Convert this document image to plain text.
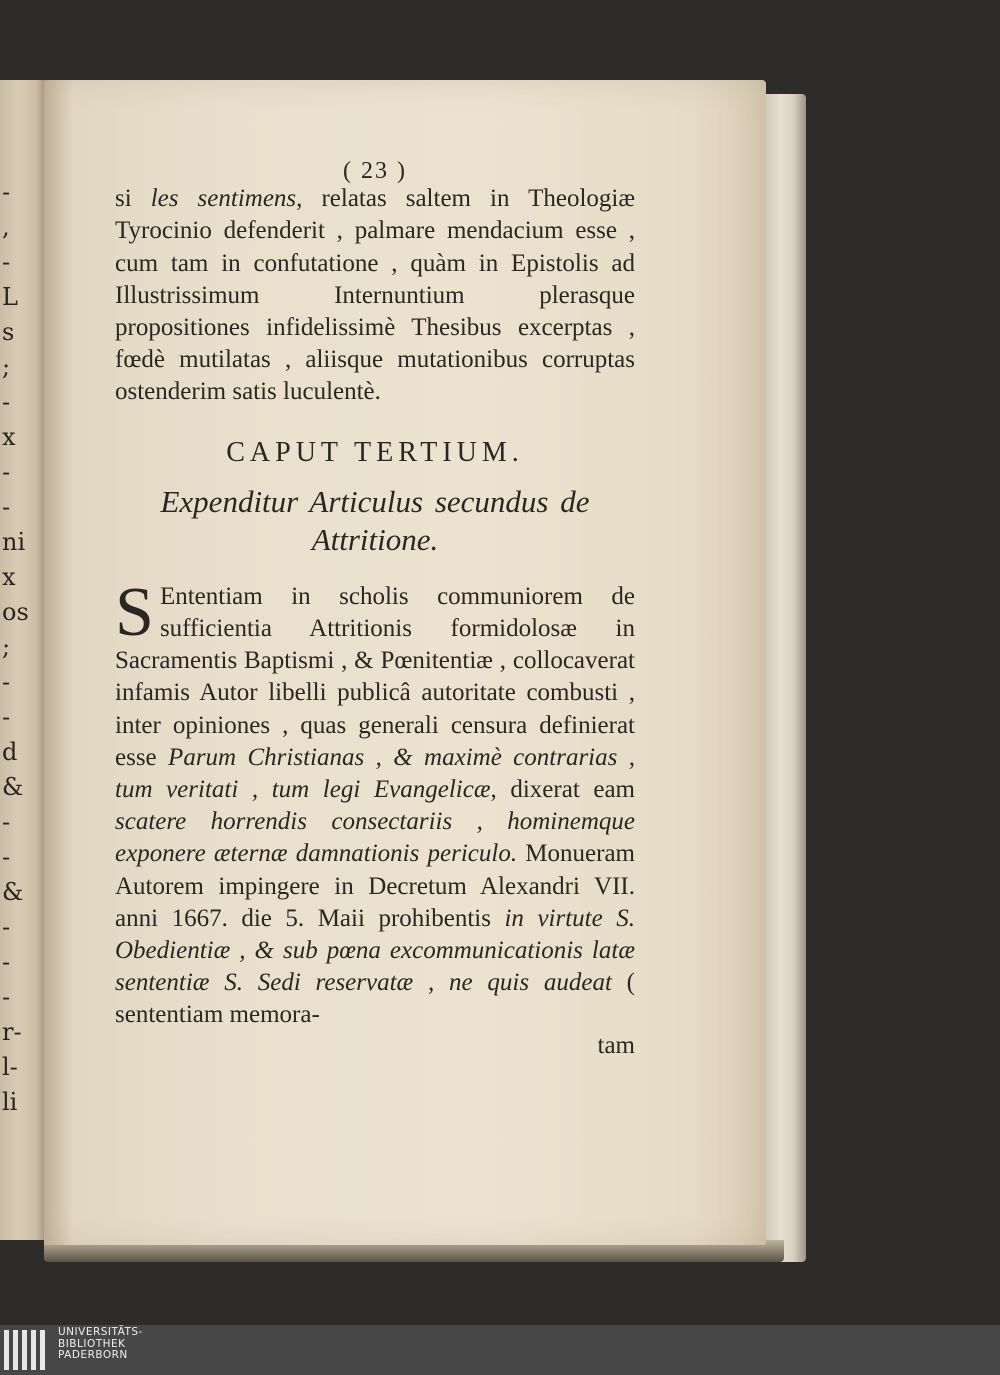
-
,
-
L
s
;
-
x
-
-
ni
x
os
;
-
-
d
&
-
-
&
-
-
-
r-
l-
li
( 23 )

si les sentimens, relatas saltem in Theologiæ Tyrocinio defenderit , palmare mendacium esse , cum tam in confutatione , quàm in Epistolis ad Illustrissimum Internuntium plerasque propositiones infidelissimè Thesibus excerptas , fœdè mutilatas , aliisque mutationibus corruptas ostenderim satis luculentè.

CAPUT TERTIUM.
Expenditur Articulus secundus de
Attritione.

S Ententiam in scholis communiorem de sufficientia Attritionis formidolosæ in Sacramentis Baptismi , & Pœnitentiæ , collocaverat infamis Autor libelli publicâ autoritate combusti , inter opiniones , quas generali censura definierat esse Parum Christianas , & maximè contrarias , tum veritati , tum legi Evangelicæ, dixerat eam scatere horrendis consectariis , hominemque exponere æternæ damnationis periculo. Monueram Autorem impingere in Decretum Alexandri VII. anni 1667. die 5. Maii prohibentis in virtute S. Obedientiæ , & sub pœna excommunicationis latæ sententiæ S. Sedi reservatæ , ne quis audeat ( sententiam memora-

tam
UNIVERSITÄTS-
BIBLIOTHEK
PADERBORN
